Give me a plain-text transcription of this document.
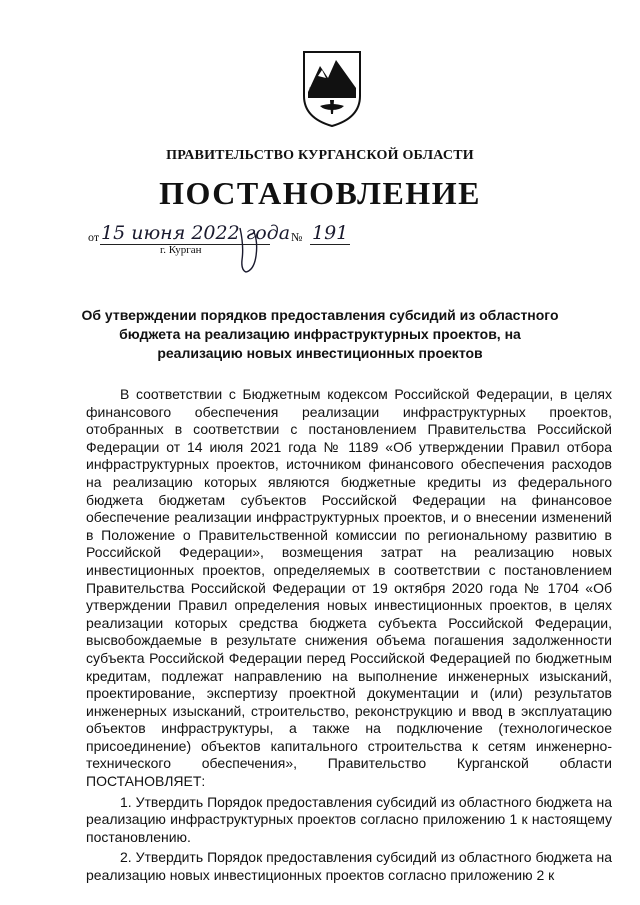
ПРАВИТЕЛЬСТВО КУРГАНСКОЙ ОБЛАСТИ
ПОСТАНОВЛЕНИЕ
от 15 июня 2022 года № 191
г. Курган
Об утверждении порядков предоставления субсидий из областного бюджета на реализацию инфраструктурных проектов, на реализацию новых инвестиционных проектов

В соответствии с Бюджетным кодексом Российской Федерации, в целях финансового обеспечения реализации инфраструктурных проектов, отобранных в соответствии с постановлением Правительства Российской Федерации от 14 июля 2021 года № 1189 «Об утверждении Правил отбора инфраструктурных проектов, источником финансового обеспечения расходов на реализацию которых являются бюджетные кредиты из федерального бюджета бюджетам субъектов Российской Федерации на финансовое обеспечение реализации инфраструктурных проектов, и о внесении изменений в Положение о Правительственной комиссии по региональному развитию в Российской Федерации», возмещения затрат на реализацию новых инвестиционных проектов, определяемых в соответствии с постановлением Правительства Российской Федерации от 19 октября 2020 года № 1704 «Об утверждении Правил определения новых инвестиционных проектов, в целях реализации которых средства бюджета субъекта Российской Федерации, высвобождаемые в результате снижения объема погашения задолженности субъекта Российской Федерации перед Российской Федерацией по бюджетным кредитам, подлежат направлению на выполнение инженерных изысканий, проектирование, экспертизу проектной документации и (или) результатов инженерных изысканий, строительство, реконструкцию и ввод в эксплуатацию объектов инфраструктуры, а также на подключение (технологическое присоединение) объектов капитального строительства к сетям инженерно-технического обеспечения», Правительство Курганской области ПОСТАНОВЛЯЕТ:

1. Утвердить Порядок предоставления субсидий из областного бюджета на реализацию инфраструктурных проектов согласно приложению 1 к настоящему постановлению.

2. Утвердить Порядок предоставления субсидий из областного бюджета на реализацию новых инвестиционных проектов согласно приложению 2 к
